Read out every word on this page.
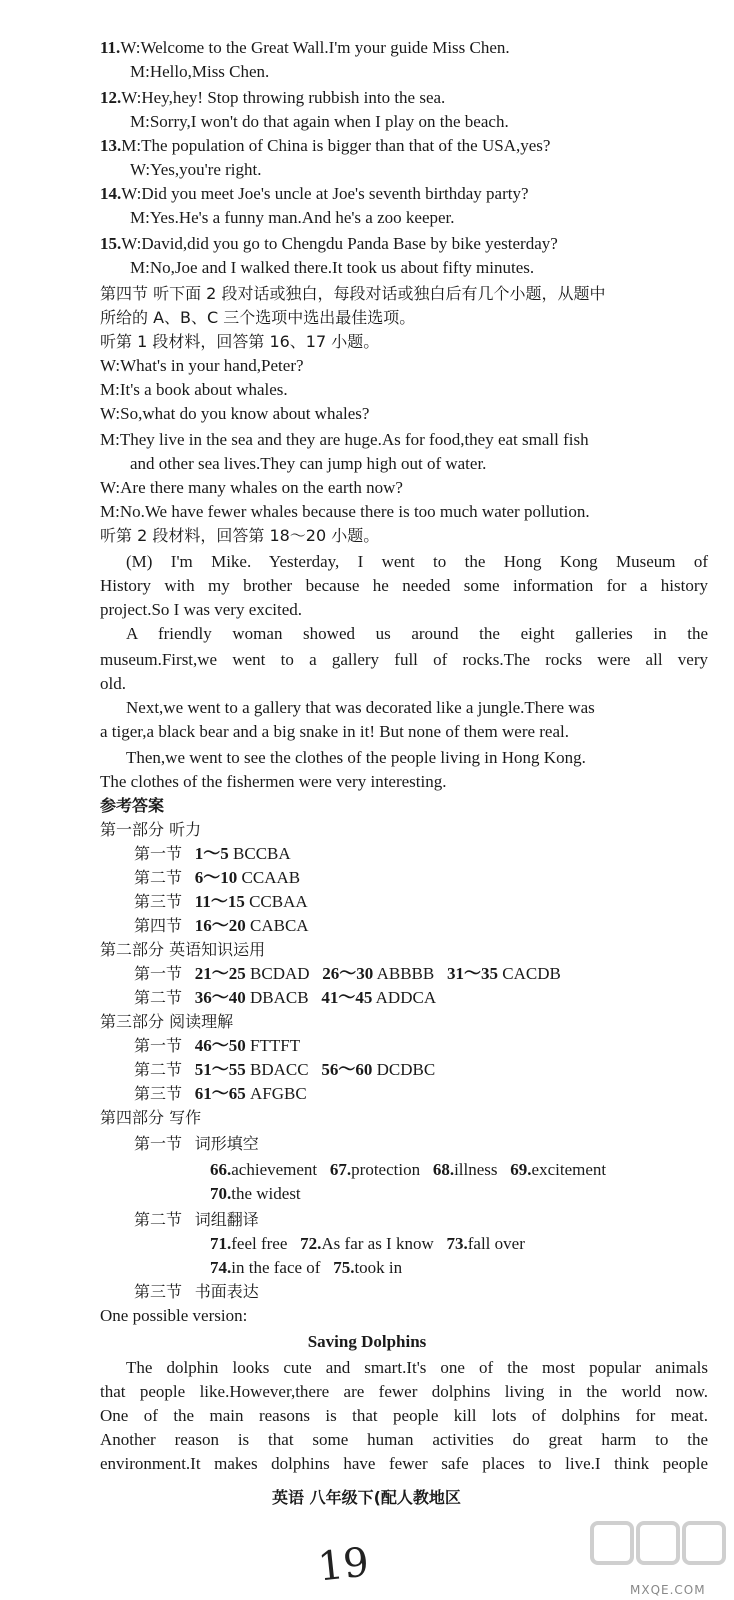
11.W:Welcome to the Great Wall.I'm your guide Miss Chen.
M:Hello,Miss Chen.
12.W:Hey,hey! Stop throwing rubbish into the sea.
M:Sorry,I won't do that again when I play on the beach.
13.M:The population of China is bigger than that of the USA,yes?
W:Yes,you're right.
14.W:Did you meet Joe's uncle at Joe's seventh birthday party?
M:Yes.He's a funny man.And he's a zoo keeper.
15.W:David,did you go to Chengdu Panda Base by bike yesterday?
M:No,Joe and I walked there.It took us about fifty minutes.
第四节 听下面 2 段对话或独白，每段对话或独白后有几个小题，从题中
所给的 A、B、C 三个选项中选出最佳选项。
听第 1 段材料，回答第 16、17 小题。
W:What's in your hand,Peter?
M:It's a book about whales.
W:So,what do you know about whales?
M:They live in the sea and they are huge.As for food,they eat small fish
and other sea lives.They can jump high out of water.
W:Are there many whales on the earth now?
M:No.We have fewer whales because there is too much water pollution.
听第 2 段材料，回答第 18～20 小题。
(M) I'm Mike. Yesterday, I went to the Hong Kong Museum of
History with my brother because he needed some information for a history
project.So I was very excited.
A friendly woman showed us around the eight galleries in the
museum.First,we went to a gallery full of rocks.The rocks were all very
old.
Next,we went to a gallery that was decorated like a jungle.There was
a tiger,a black bear and a big snake in it! But none of them were real.
Then,we went to see the clothes of the people living in Hong Kong.
The clothes of the fishermen were very interesting.
参考答案
第一部分 听力
第一节 1～5 BCCBA
第二节 6～10 CCAAB
第三节 11～15 CCBAA
第四节 16～20 CABCA
第二部分 英语知识运用
第一节 21～25 BCDAD 26～30 ABBBB 31～35 CACDB
第二节 36～40 DBACB 41～45 ADDCA
第三部分 阅读理解
第一节 46～50 FTTFT
第二节 51～55 BDACC 56～60 DCDBC
第三节 61～65 AFGBC
第四部分 写作
第一节 词形填空
66.achievement 67.protection 68.illness 69.excitement
70.the widest
第二节 词组翻译
71.feel free 72.As far as I know 73.fall over
74.in the face of 75.took in
第三节 书面表达
One possible version:
Saving Dolphins
The dolphin looks cute and smart.It's one of the most popular animals
that people like.However,there are fewer dolphins living in the world now.
One of the main reasons is that people kill lots of dolphins for meat.
Another reason is that some human activities do great harm to the
environment.It makes dolphins have fewer safe places to live.I think people
英语 八年级下(配人教地区
19	MXQE.COM
